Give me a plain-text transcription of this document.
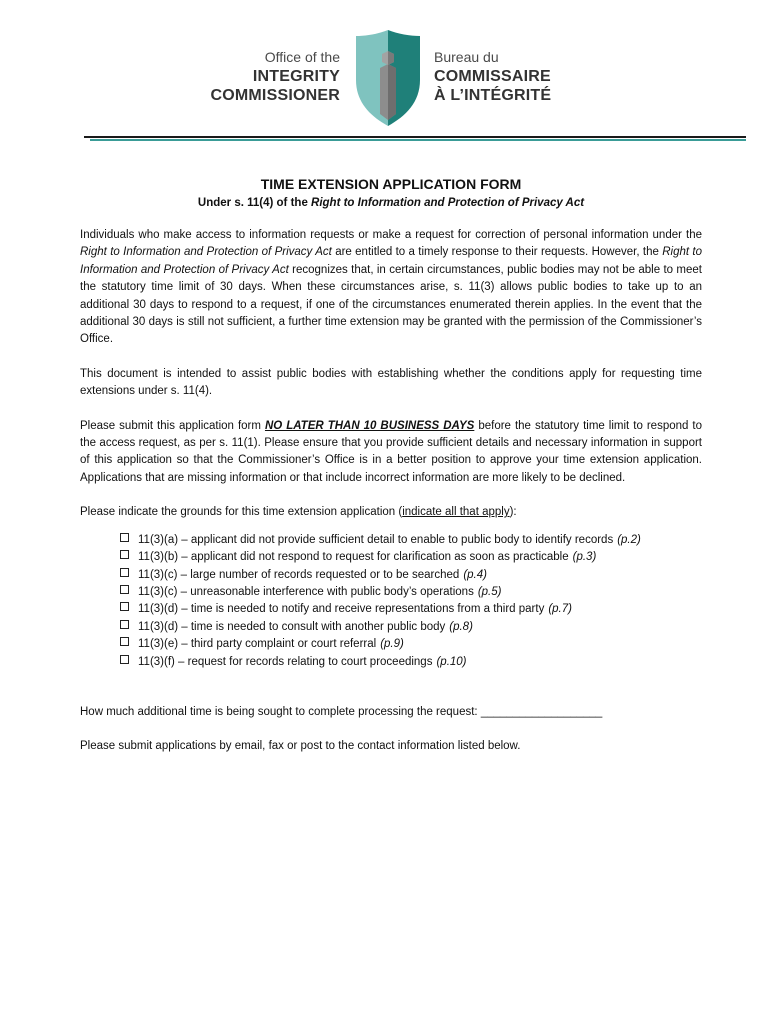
Office of the
INTEGRITY
COMMISSIONER
Bureau du
COMMISSAIRE
À L’INTÉGRITÉ
TIME EXTENSION APPLICATION FORM
Under s. 11(4) of the Right to Information and Protection of Privacy Act

Individuals who make access to information requests or make a request for correction of personal information under the Right to Information and Protection of Privacy Act are entitled to a timely response to their requests. However, the Right to Information and Protection of Privacy Act recognizes that, in certain circumstances, public bodies may not be able to meet the statutory time limit of 30 days. When these circumstances arise, s. 11(3) allows public bodies to take up to an additional 30 days to respond to a request, if one of the circumstances enumerated therein applies. In the event that the additional 30 days is still not sufficient, a further time extension may be granted with the permission of the Commissioner’s Office.

This document is intended to assist public bodies with establishing whether the conditions apply for requesting time extensions under s. 11(4).

Please submit this application form NO LATER THAN 10 BUSINESS DAYS before the statutory time limit to respond to the access request, as per s. 11(1). Please ensure that you provide sufficient details and necessary information in support of this application so that the Commissioner’s Office is in a better position to approve your time extension application. Applications that are missing information or that include incorrect information are more likely to be declined.

Please indicate the grounds for this time extension application (indicate all that apply):

11(3)(a) – applicant did not provide sufficient detail to enable to public body to identify records (p.2)
11(3)(b) – applicant did not respond to request for clarification as soon as practicable (p.3)
11(3)(c) – large number of records requested or to be searched (p.4)
11(3)(c) – unreasonable interference with public body’s operations (p.5)
11(3)(d) – time is needed to notify and receive representations from a third party (p.7)
11(3)(d) – time is needed to consult with another public body (p.8)
11(3)(e) – third party complaint or court referral (p.9)
11(3)(f) – request for records relating to court proceedings (p.10)

How much additional time is being sought to complete processing the request: ___________________

Please submit applications by email, fax or post to the contact information listed below.
